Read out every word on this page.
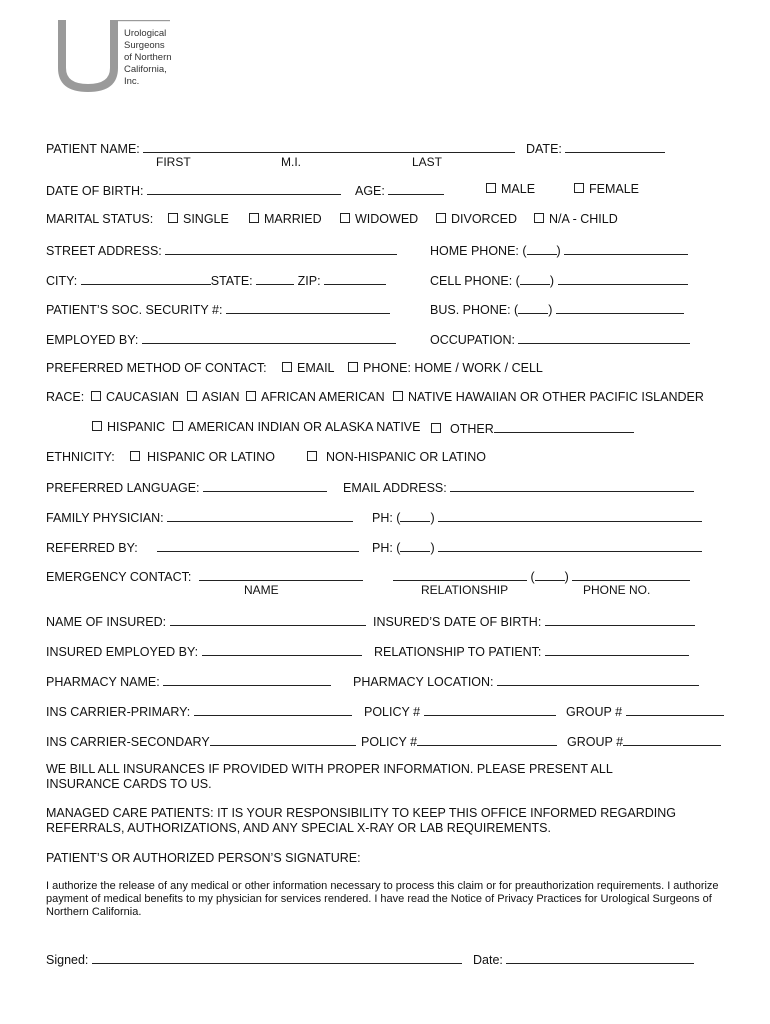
Urological
Surgeons
of Northern
California,
Inc.
PATIENT NAME:	DATE:
FIRST	M.I.	LAST
DATE OF BIRTH:	AGE:	MALE	FEMALE
MARITAL STATUS:	SINGLE	MARRIED	WIDOWED	DIVORCED	N/A - CHILD
STREET ADDRESS:	HOME PHONE: ( )
CITY:	STATE:	ZIP:	CELL PHONE: ( )
PATIENT’S SOC. SECURITY #:	BUS. PHONE: ( )
EMPLOYED BY:	OCCUPATION:
PREFERRED METHOD OF CONTACT:	EMAIL	PHONE: HOME / WORK / CELL
RACE:	CAUCASIAN	ASIAN	AFRICAN AMERICAN	NATIVE HAWAIIAN OR OTHER PACIFIC ISLANDER
HISPANIC	AMERICAN INDIAN OR ALASKA NATIVE	OTHER
ETHNICITY:	HISPANIC OR LATINO	NON-HISPANIC OR LATINO
PREFERRED LANGUAGE:	EMAIL ADDRESS:
FAMILY PHYSICIAN:	PH: ( )
REFERRED BY:	PH: ( )
EMERGENCY CONTACT:	( )
NAME	RELATIONSHIP	PHONE NO.
NAME OF INSURED:	INSURED’S DATE OF BIRTH:
INSURED EMPLOYED BY:	RELATIONSHIP TO PATIENT:
PHARMACY NAME:	PHARMACY LOCATION:
INS CARRIER-PRIMARY:	POLICY #	GROUP #
INS CARRIER-SECONDARY	POLICY #	GROUP #
WE BILL ALL INSURANCES IF PROVIDED WITH PROPER INFORMATION. PLEASE PRESENT ALL INSURANCE CARDS TO US.
MANAGED CARE PATIENTS: IT IS YOUR RESPONSIBILITY TO KEEP THIS OFFICE INFORMED REGARDING REFERRALS, AUTHORIZATIONS, AND ANY SPECIAL X-RAY OR LAB REQUIREMENTS.
PATIENT’S OR AUTHORIZED PERSON’S SIGNATURE:
I authorize the release of any medical or other information necessary to process this claim or for preauthorization requirements. I authorize payment of medical benefits to my physician for services rendered. I have read the Notice of Privacy Practices for Urological Surgeons of Northern California.
Signed:	Date:
